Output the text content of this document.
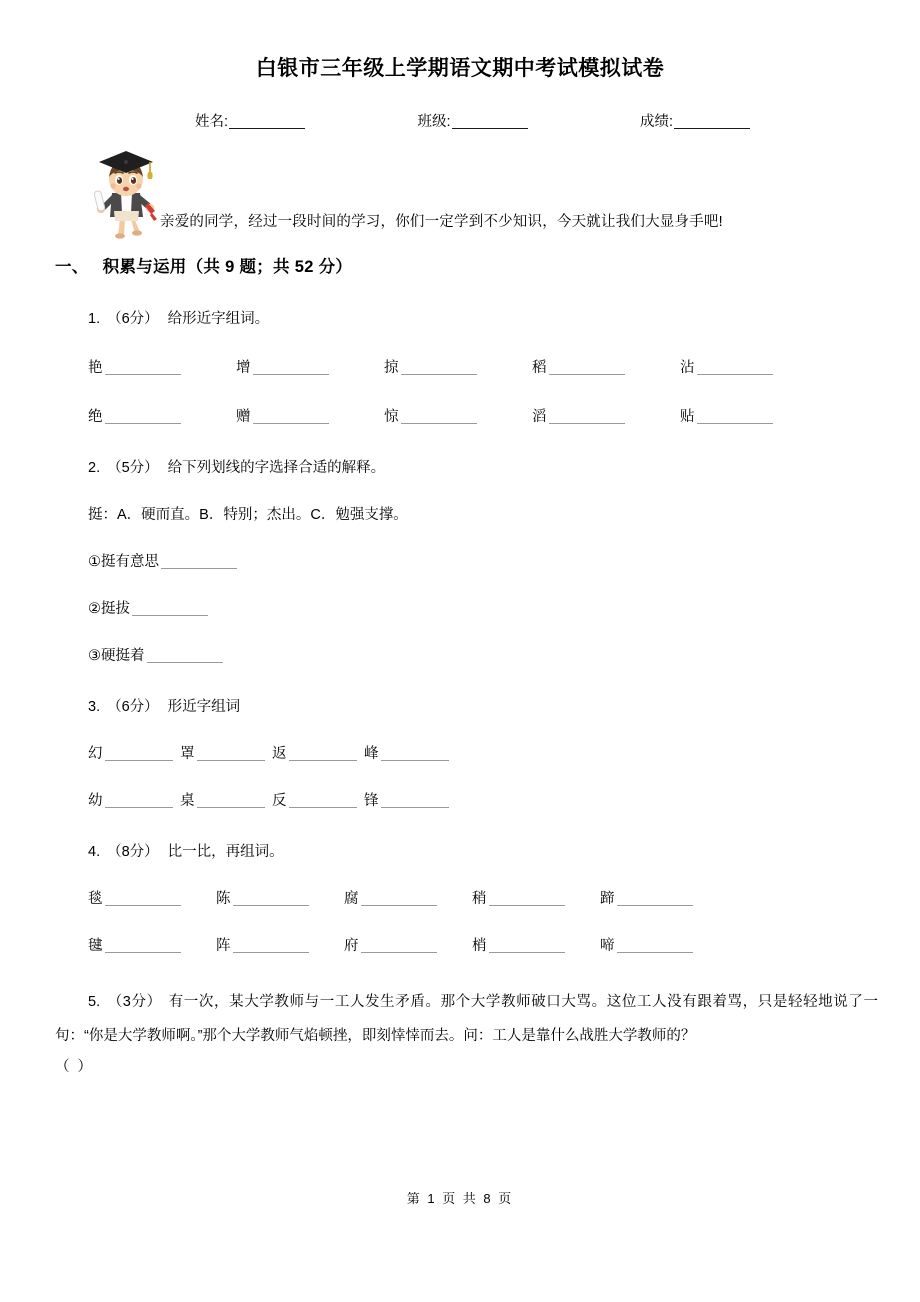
白银市三年级上学期语文期中考试模拟试卷
姓名:	班级:	成绩:
亲爱的同学，经过一段时间的学习，你们一定学到不少知识，今天就让我们大显身手吧!
一、 积累与运用（共 9 题；共 52 分）
1. （6分） 给形近字组词。
艳	增	掠	稻	沾
绝	赠	惊	滔	贴
2. （5分） 给下列划线的字选择合适的解释。
挺：A．硬而直。B．特别；杰出。C．勉强支撑。
①挺有意思
②挺拔
③硬挺着
3. （6分） 形近字组词
幻	罩	返	峰
幼	桌	反	锋
4. （8分） 比一比，再组词。
毯	陈	腐	稍	蹄
毽	阵	府	梢	啼
5. （3分） 有一次，某大学教师与一工人发生矛盾。那个大学教师破口大骂。这位工人没有跟着骂，只是轻轻地说了一句：“你是大学教师啊。”那个大学教师气焰顿挫，即刻悻悻而去。问：工人是靠什么战胜大学教师的？
（ ）
第 1 页 共 8 页
